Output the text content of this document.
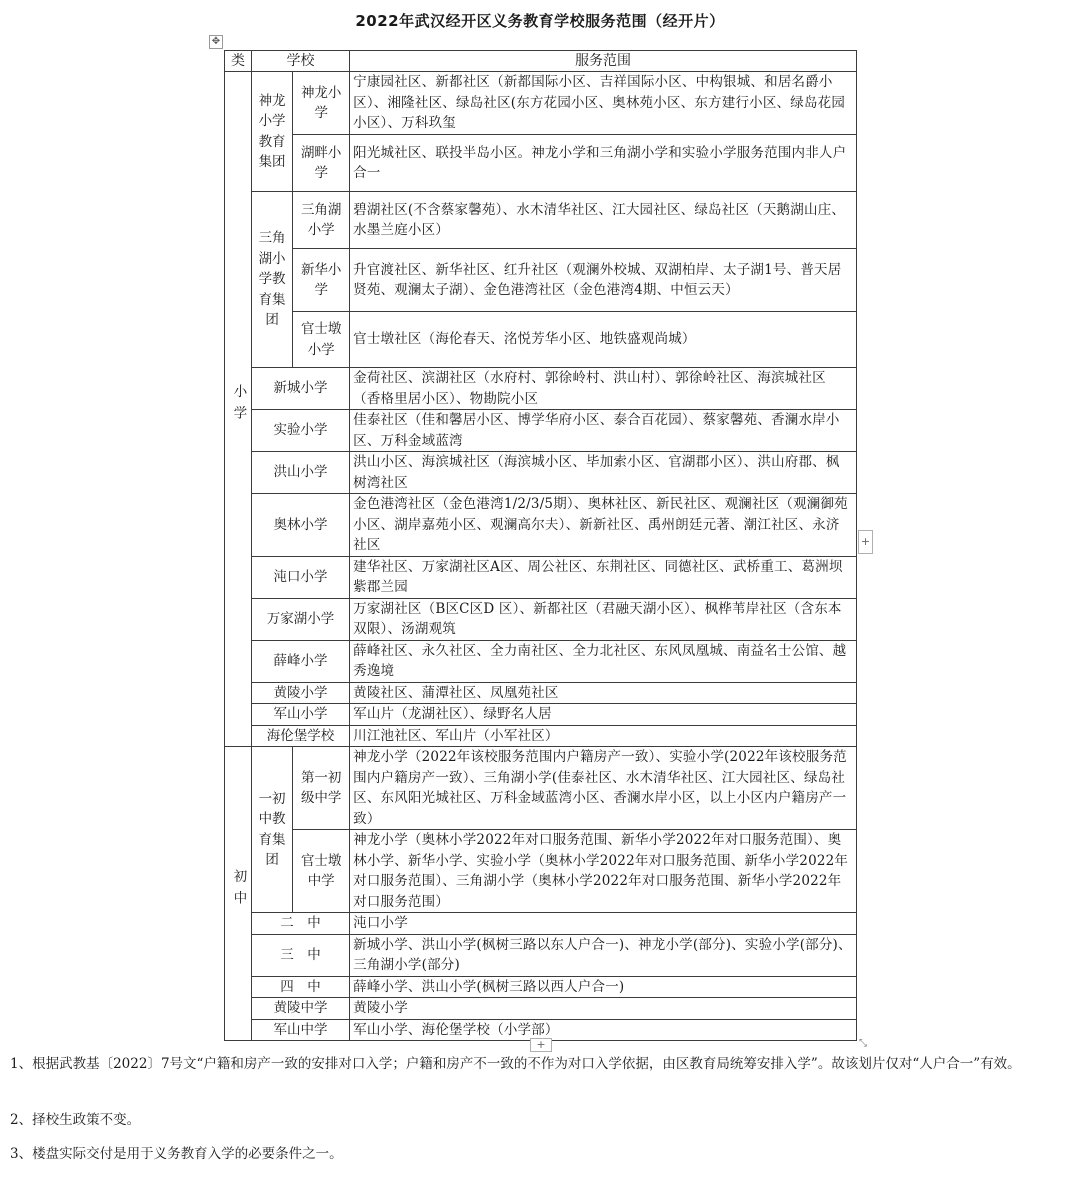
2022年武汉经开区义务教育学校服务范围（经开片）
✥
类	学校		服务范围
小学	神龙小学教育集团	神龙小学	宁康园社区、新都社区（新都国际小区、吉祥国际小区、中构银城、和居名爵小区）、湘隆社区、绿岛社区(东方花园小区、奥林苑小区、东方建行小区、绿岛花园小区）、万科玖玺
		湖畔小学	阳光城社区、联投半岛小区。神龙小学和三角湖小学和实验小学服务范围内非人户合一
	三角湖小学教育集团	三角湖小学	碧湖社区(不含蔡家馨苑）、水木清华社区、江大园社区、绿岛社区（天鹅湖山庄、水墨兰庭小区）
		新华小学	升官渡社区、新华社区、红升社区（观澜外校城、双湖柏岸、太子湖1号、普天居贤苑、观澜太子湖）、金色港湾社区（金色港湾4期、中恒云天）
		官士墩小学	官士墩社区（海伦春天、洺悦芳华小区、地铁盛观尚城）
	新城小学		金荷社区、滨湖社区（水府村、郭徐岭村、洪山村）、郭徐岭社区、海滨城社区（香格里居小区）、物勘院小区
	实验小学		佳泰社区（佳和馨居小区、博学华府小区、泰合百花园）、蔡家馨苑、香澜水岸小区、万科金域蓝湾
	洪山小学		洪山小区、海滨城社区（海滨城小区、毕加索小区、官湖郡小区）、洪山府郡、枫树湾社区
	奥林小学		金色港湾社区（金色港湾1/2/3/5期）、奥林社区、新民社区、观澜社区（观澜御苑小区、湖岸嘉苑小区、观澜高尔夫）、新新社区、禹州朗廷元著、潮江社区、永济社区
	沌口小学		建华社区、万家湖社区A区、周公社区、东荆社区、同德社区、武桥重工、葛洲坝紫郡兰园
	万家湖小学		万家湖社区（B区C区D 区）、新都社区（君融天湖小区）、枫桦苇岸社区（含东本双限）、汤湖观筑
	薛峰小学		薛峰社区、永久社区、全力南社区、全力北社区、东风凤凰城、南益名士公馆、越秀逸境
	黄陵小学		黄陵社区、蒲潭社区、凤凰苑社区
	军山小学		军山片（龙湖社区）、绿野名人居
	海伦堡学校		川江池社区、军山片（小军社区）
初中	一初中教育集团	第一初级中学	神龙小学（2022年该校服务范围内户籍房产一致）、实验小学(2022年该校服务范围内户籍房产一致）、三角湖小学(佳泰社区、水木清华社区、江大园社区、绿岛社区、东风阳光城社区、万科金域蓝湾小区、香澜水岸小区，以上小区内户籍房产一致）
		官士墩中学	神龙小学（奥林小学2022年对口服务范围、新华小学2022年对口服务范围）、奥林小学、新华小学、实验小学（奥林小学2022年对口服务范围、新华小学2022年对口服务范围）、三角湖小学（奥林小学2022年对口服务范围、新华小学2022年对口服务范围）
	二　中		沌口小学
	三　中		新城小学、洪山小学(枫树三路以东人户合一)、神龙小学(部分)、实验小学(部分)、三角湖小学(部分)
	四　中		薛峰小学、洪山小学(枫树三路以西人户合一)
	黄陵中学		黄陵小学
	军山中学		军山小学、海伦堡学校（小学部）
+
+	⤡

1、根据武教基〔2022〕7号文“户籍和房产一致的安排对口入学；户籍和房产不一致的不作为对口入学依据，由区教育局统筹安排入学”。故该划片仅对“人户合一”有效。

2、择校生政策不变。

3、楼盘实际交付是用于义务教育入学的必要条件之一。
